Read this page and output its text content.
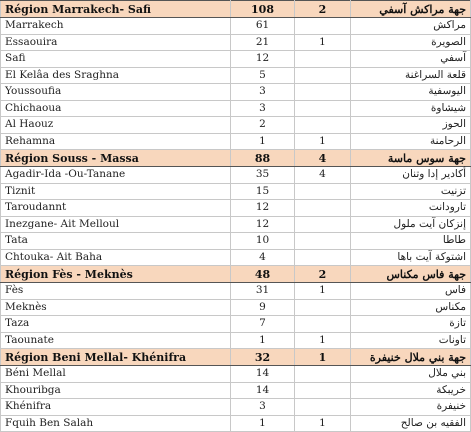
Région Marrakech- Safi	108	2	جهة مراكش آسفي
Marrakech	61		مراكش
Essaouira	21	1	الصويرة
Safi	12		آسفي
El Kelâa des Sraghna	5		قلعة السراغنة
Youssoufia	3		اليوسفية
Chichaoua	3		شيشاوة
Al Haouz	2		الحوز
Rehamna	1	1	الرحامنة
Région Souss - Massa	88	4	جهة سوس ماسة
Agadir-Ida -Ou-Tanane	35	4	أكادير إدا وتنان
Tiznit	15		تزنيت
Taroudannt	12		تارودانت
Inezgane- Ait Melloul	12		إنزكان آيت ملول
Tata	10		طاطا
Chtouka- Ait Baha	4		اشتوكة آيت باها
Région Fès - Meknès	48	2	جهة فاس مكناس
Fès	31	1	فاس
Meknès	9		مكناس
Taza	7		تازة
Taounate	1	1	تاونات
Région Beni Mellal- Khénifra	32	1	جهة بني ملال خنيفرة
Béni Mellal	14		بني ملال
Khouribga	14		خريبكة
Khénifra	3		خنيفرة
Fquih Ben Salah	1	1	الفقيه بن صالح
